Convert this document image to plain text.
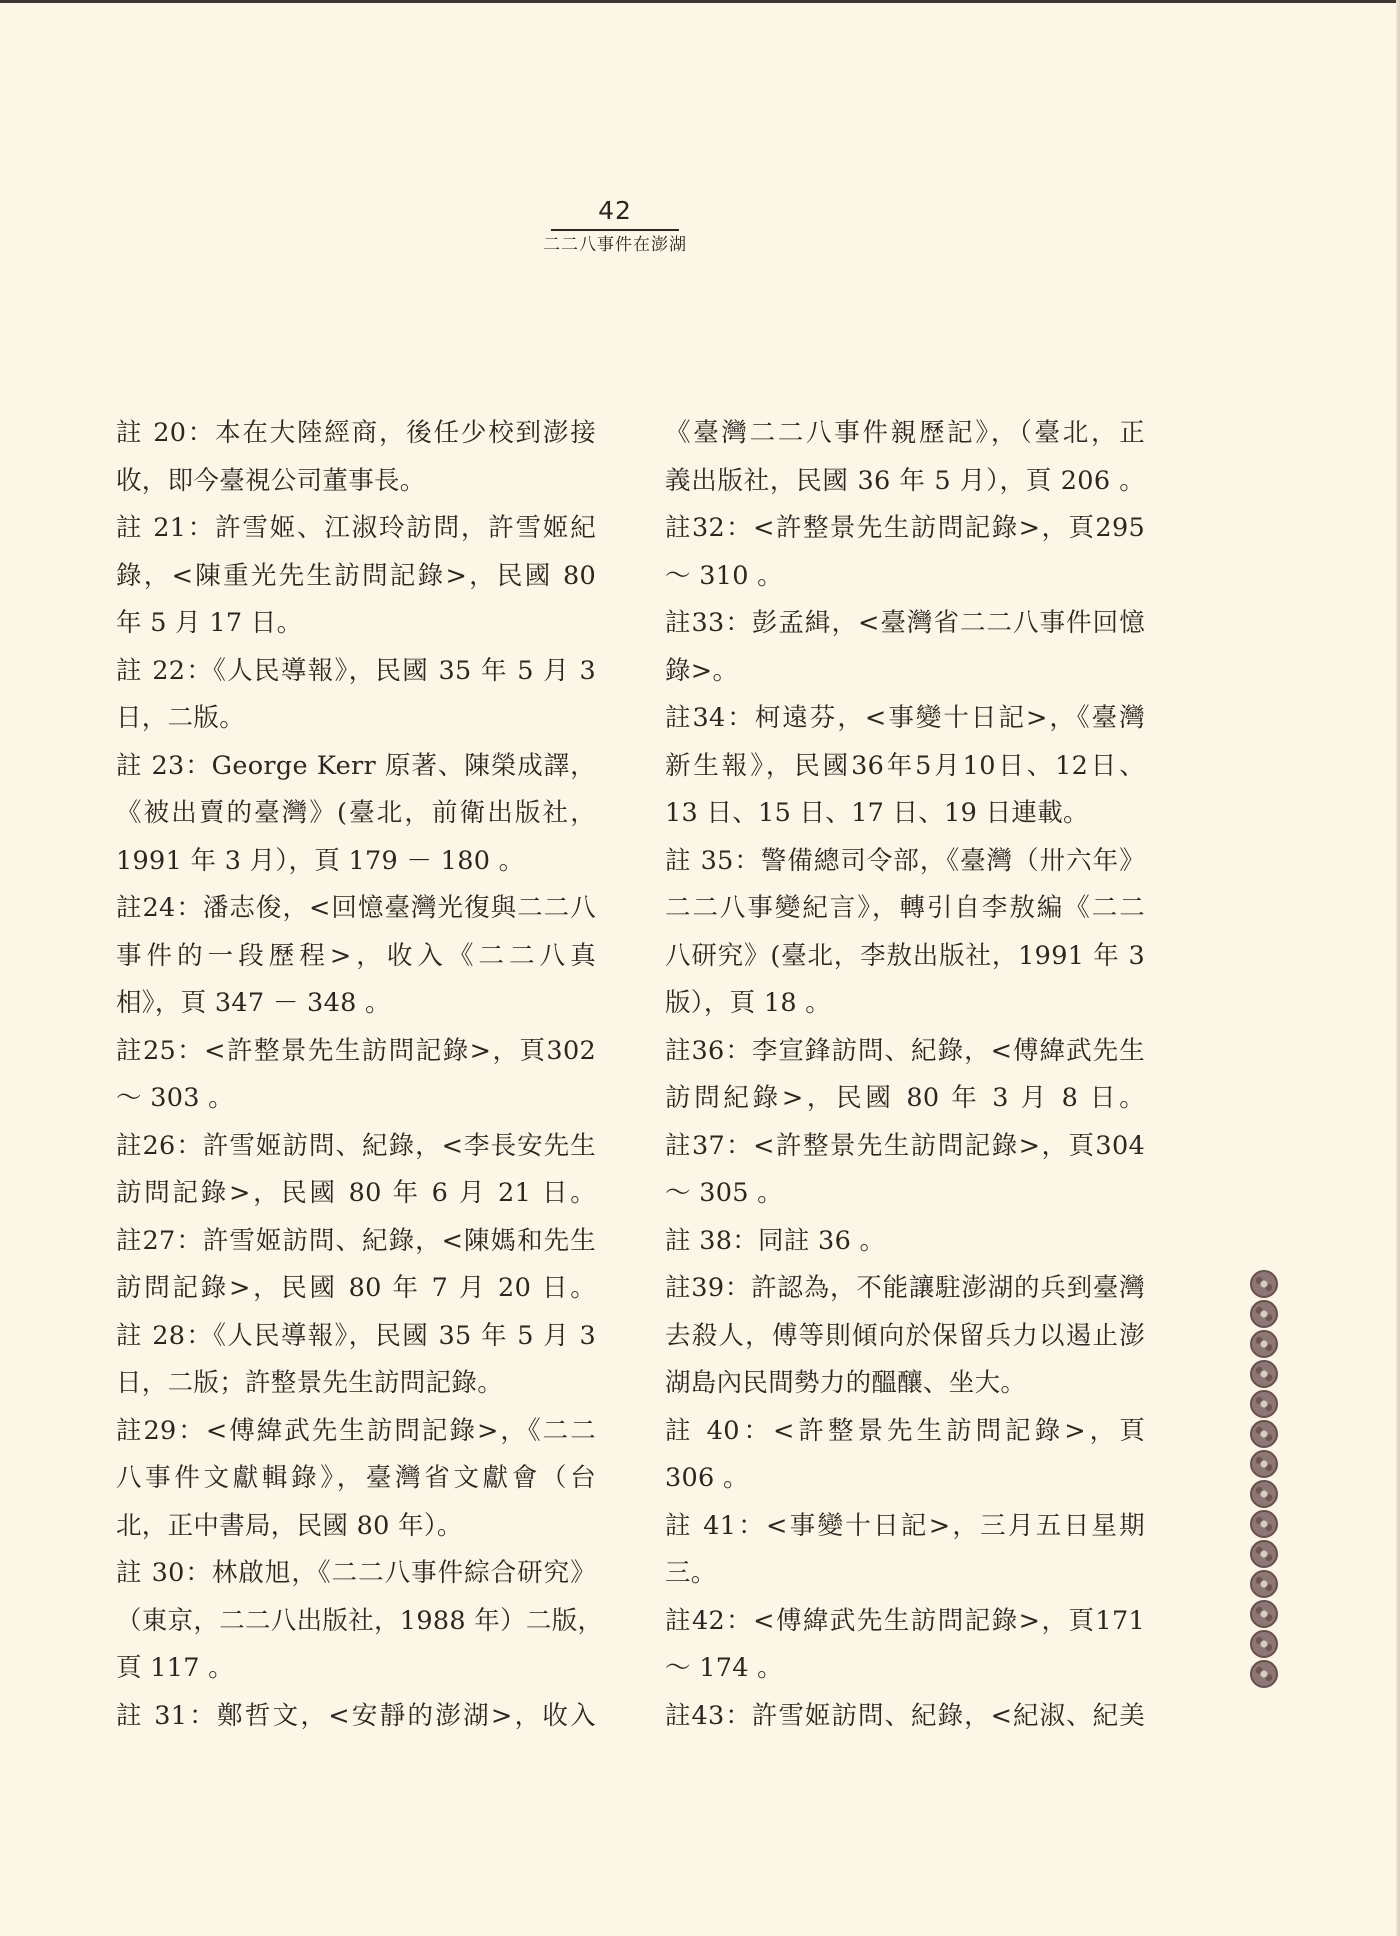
42
二二八事件在澎湖
註 20：本在大陸經商，後任少校到澎接
收，即今臺視公司董事長。
註 21：許雪姬、江淑玲訪問，許雪姬紀
錄，<陳重光先生訪問記錄>，民國 80
年 5 月 17 日。
註 22：《人民導報》，民國 35 年 5 月 3
日，二版。
註 23：George Kerr 原著、陳榮成譯，
《被出賣的臺灣》(臺北，前衛出版社，
1991 年 3 月），頁 179 － 180 。
註24：潘志俊，<回憶臺灣光復與二二八
事件的一段歷程>，收入《二二八真
相》，頁 347 － 348 。
註25：<許整景先生訪問記錄>，頁302
～ 303 。
註26：許雪姬訪問、紀錄，<李長安先生
訪問記錄>，民國 80 年 6 月 21 日。
註27：許雪姬訪問、紀錄，<陳媽和先生
訪問記錄>，民國 80 年 7 月 20 日。
註 28：《人民導報》，民國 35 年 5 月 3
日，二版；許整景先生訪問記錄。
註29：<傅緯武先生訪問記錄>，《二二
八事件文獻輯錄》，臺灣省文獻會（台
北，正中書局，民國 80 年）。
註 30：林啟旭，《二二八事件綜合研究》
（東京，二二八出版社，1988 年）二版，
頁 117 。
註 31：鄭哲文，<安靜的澎湖>，收入
《臺灣二二八事件親歷記》，（臺北，正
義出版社，民國 36 年 5 月），頁 206 。
註32：<許整景先生訪問記錄>，頁295
～ 310 。
註33：彭孟緝，<臺灣省二二八事件回憶
錄>。
註34：柯遠芬，<事變十日記>，《臺灣
新生報》，民國36年5月10日、12日、
13 日、15 日、17 日、19 日連載。
註 35：警備總司令部，《臺灣（卅六年》
二二八事變紀言》，轉引自李敖編《二二
八研究》(臺北，李敖出版社，1991 年 3
版），頁 18 。
註36：李宣鋒訪問、紀錄，<傅緯武先生
訪問紀錄>，民國 80 年 3 月 8 日。
註37：<許整景先生訪問記錄>，頁304
～ 305 。
註 38：同註 36 。
註39：許認為，不能讓駐澎湖的兵到臺灣
去殺人，傅等則傾向於保留兵力以遏止澎
湖島內民間勢力的醞釀、坐大。
註 40：<許整景先生訪問記錄>，頁
306 。
註 41：<事變十日記>，三月五日星期
三。
註42：<傅緯武先生訪問記錄>，頁171
～ 174 。
註43：許雪姬訪問、紀錄，<紀淑、紀美
